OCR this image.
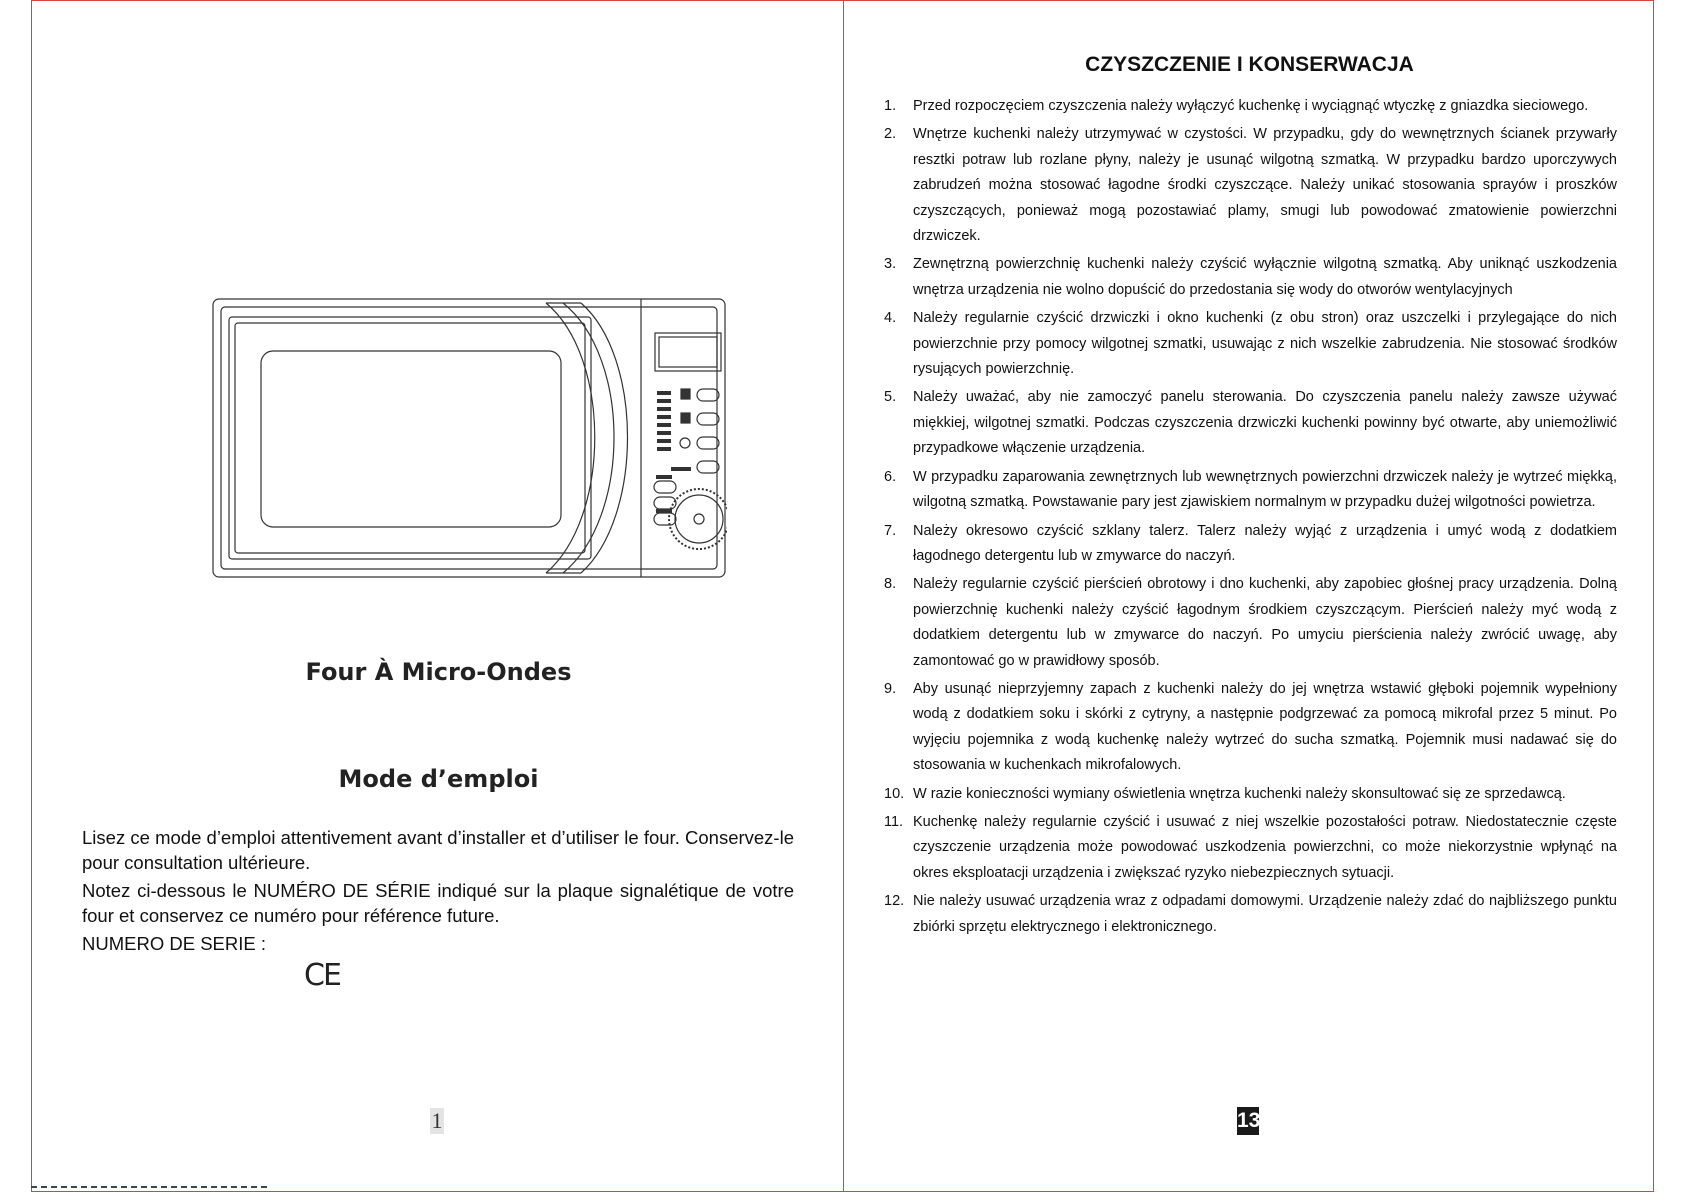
Four À Micro-Ondes
Mode d’emploi

Lisez ce mode d’emploi attentivement avant d’installer et d’utiliser le four. Conservez-le pour consultation ultérieure.

Notez ci-dessous le NUMÉRO DE SÉRIE indiqué sur la plaque signalétique de votre four et conservez ce numéro pour référence future.

NUMERO DE SERIE :

CE
1
CZYSZCZENIE I KONSERWACJA
1.	Przed rozpoczęciem czyszczenia należy wyłączyć kuchenkę i wyciągnąć wtyczkę z gniazdka sieciowego.
2.	Wnętrze kuchenki należy utrzymywać w czystości. W przypadku, gdy do wewnętrznych ścianek przywarły resztki potraw lub rozlane płyny, należy je usunąć wilgotną szmatką. W przypadku bardzo uporczywych zabrudzeń można stosować łagodne środki czyszczące. Należy unikać stosowania sprayów i proszków czyszczących, ponieważ mogą pozostawiać plamy, smugi lub powodować zmatowienie powierzchni drzwiczek.
3.	Zewnętrzną powierzchnię kuchenki należy czyścić wyłącznie wilgotną szmatką. Aby uniknąć uszkodzenia wnętrza urządzenia nie wolno dopuścić do przedostania się wody do otworów wentylacyjnych
4.	Należy regularnie czyścić drzwiczki i okno kuchenki (z obu stron) oraz uszczelki i przylegające do nich powierzchnie przy pomocy wilgotnej szmatki, usuwając z nich wszelkie zabrudzenia. Nie stosować środków rysujących powierzchnię.
5.	Należy uważać, aby nie zamoczyć panelu sterowania. Do czyszczenia panelu należy zawsze używać miękkiej, wilgotnej szmatki. Podczas czyszczenia drzwiczki kuchenki powinny być otwarte, aby uniemożliwić przypadkowe włączenie urządzenia.
6.	W przypadku zaparowania zewnętrznych lub wewnętrznych powierzchni drzwiczek należy je wytrzeć miękką, wilgotną szmatką. Powstawanie pary jest zjawiskiem normalnym w przypadku dużej wilgotności powietrza.
7.	Należy okresowo czyścić szklany talerz. Talerz należy wyjąć z urządzenia i umyć wodą z dodatkiem łagodnego detergentu lub w zmywarce do naczyń.
8.	Należy regularnie czyścić pierścień obrotowy i dno kuchenki, aby zapobiec głośnej pracy urządzenia. Dolną powierzchnię kuchenki należy czyścić łagodnym środkiem czyszczącym. Pierścień należy myć wodą z dodatkiem detergentu lub w zmywarce do naczyń. Po umyciu pierścienia należy zwrócić uwagę, aby zamontować go w prawidłowy sposób.
9.	Aby usunąć nieprzyjemny zapach z kuchenki należy do jej wnętrza wstawić głęboki pojemnik wypełniony wodą z dodatkiem soku i skórki z cytryny, a następnie podgrzewać za pomocą mikrofal przez 5 minut. Po wyjęciu pojemnika z wodą kuchenkę należy wytrzeć do sucha szmatką. Pojemnik musi nadawać się do stosowania w kuchenkach mikrofalowych.
10. W razie konieczności wymiany oświetlenia wnętrza kuchenki należy skonsultować się ze sprzedawcą.
11. Kuchenkę należy regularnie czyścić i usuwać z niej wszelkie pozostałości potraw. Niedostatecznie częste czyszczenie urządzenia może powodować uszkodzenia powierzchni, co może niekorzystnie wpłynąć na okres eksploatacji urządzenia i zwiększać ryzyko niebezpiecznych sytuacji.
12. Nie należy usuwać urządzenia wraz z odpadami domowymi. Urządzenie należy zdać do najbliższego punktu zbiórki sprzętu elektrycznego i elektronicznego.
13
